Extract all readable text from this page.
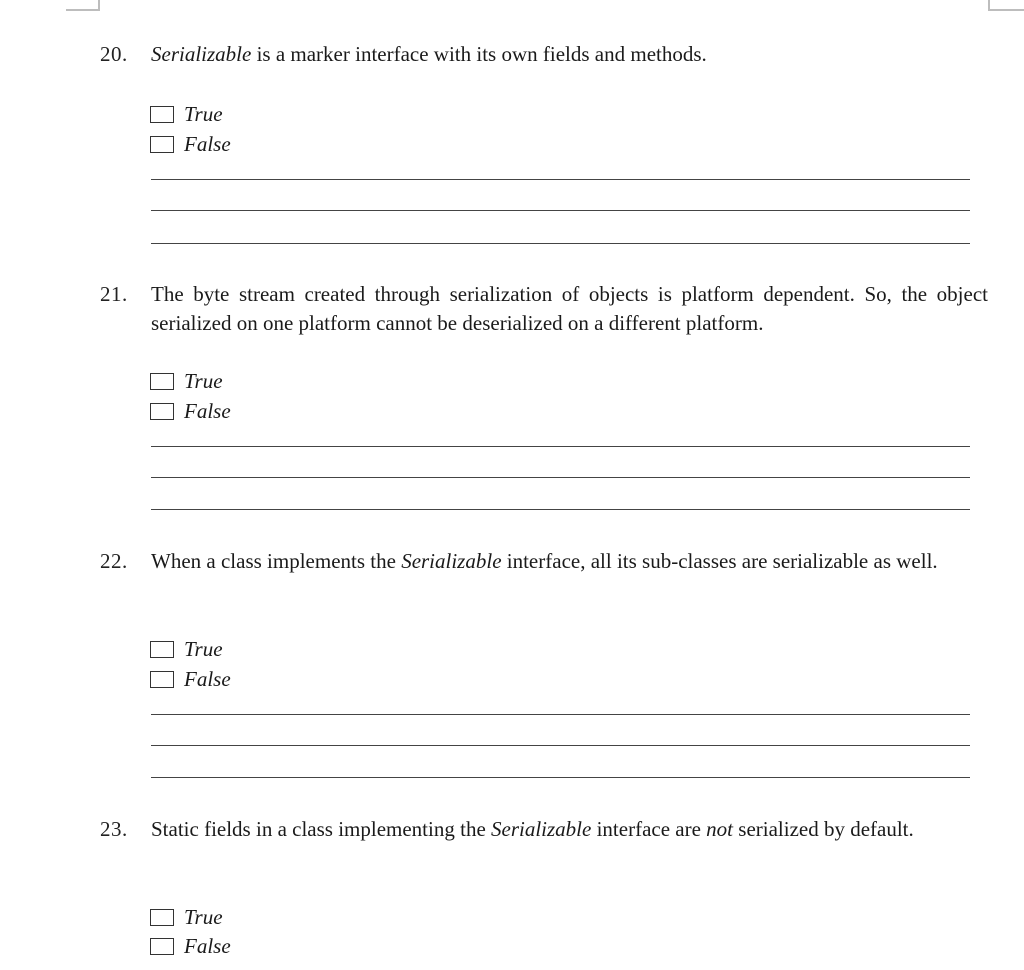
20. Serializable is a marker interface with its own fields and methods.
True
False
21. The byte stream created through serialization of objects is platform dependent. So, the object serialized on one platform cannot be deserialized on a different platform.
True
False
22. When a class implements the Serializable interface, all its sub-classes are serializable as well.
True
False
23. Static fields in a class implementing the Serializable interface are not serialized by default.
True
False
